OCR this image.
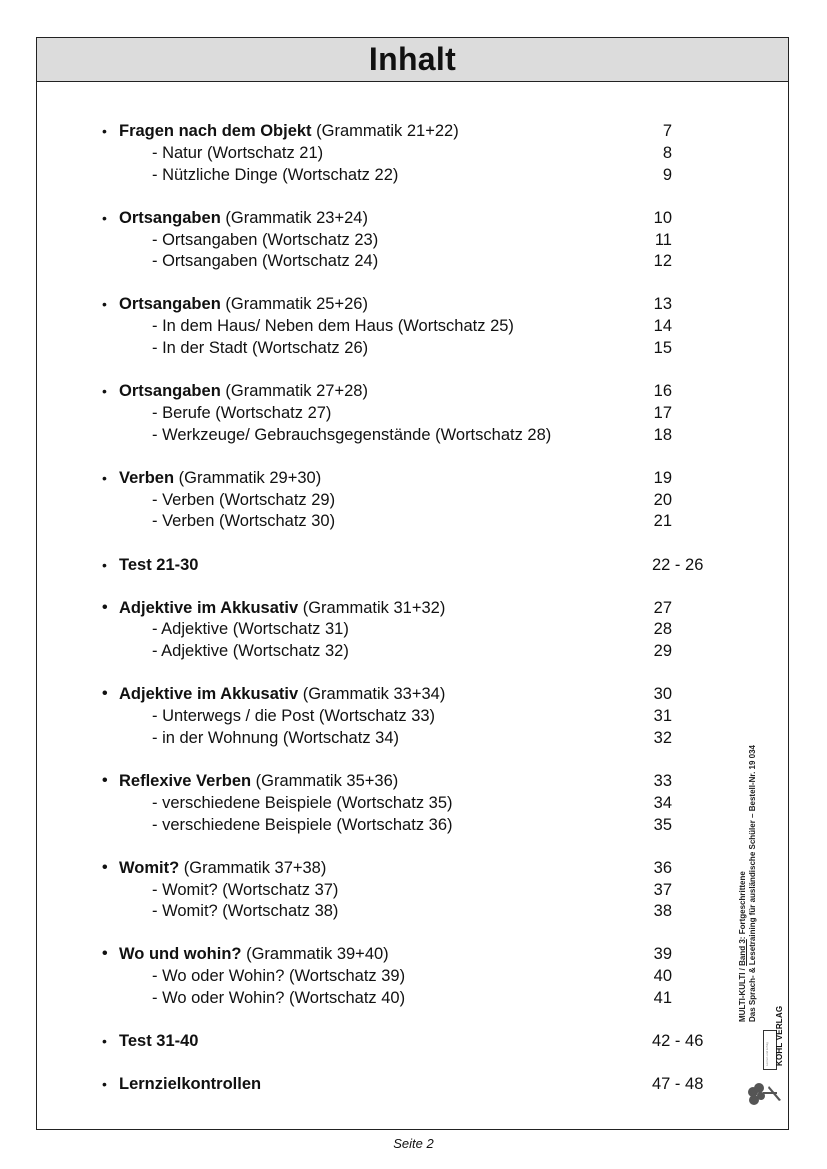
Inhalt
• Fragen nach dem Objekt (Grammatik 21+22)	7
- Natur (Wortschatz 21)	8
- Nützliche Dinge (Wortschatz 22)	9
• Ortsangaben (Grammatik 23+24)	10
- Ortsangaben (Wortschatz 23)	11
- Ortsangaben (Wortschatz 24)	12
• Ortsangaben (Grammatik 25+26)	13
- In dem Haus/ Neben dem Haus (Wortschatz 25)	14
- In der Stadt (Wortschatz 26)	15
• Ortsangaben (Grammatik 27+28)	16
- Berufe (Wortschatz 27)	17
- Werkzeuge/ Gebrauchsgegenstände (Wortschatz 28)	18
• Verben (Grammatik 29+30)	19
- Verben (Wortschatz 29)	20
- Verben (Wortschatz 30)	21
• Test 21-30	22 - 26
• Adjektive im Akkusativ (Grammatik 31+32)	27
- Adjektive (Wortschatz 31)	28
- Adjektive (Wortschatz 32)	29
• Adjektive im Akkusativ (Grammatik 33+34)	30
- Unterwegs / die Post (Wortschatz 33)	31
- in der Wohnung (Wortschatz 34)	32
• Reflexive Verben (Grammatik 35+36)	33
- verschiedene Beispiele (Wortschatz 35)	34
- verschiedene Beispiele (Wortschatz 36)	35
• Womit? (Grammatik 37+38)	36
- Womit? (Wortschatz 37)	37
- Womit? (Wortschatz 38)	38
• Wo und wohin? (Grammatik 39+40)	39
- Wo oder Wohin? (Wortschatz 39)	40
- Wo oder Wohin? (Wortschatz 40)	41
• Test 31-40	42 - 46
• Lernzielkontrollen	47 - 48
MULTI-KULTI / Band 3: Fortgeschrittene Das Sprach- & Lesetraining für ausländische Schüler – Bestell-Nr. 19 034
KOHL VERLAG
Lernen und Erfolg
Seite 2
